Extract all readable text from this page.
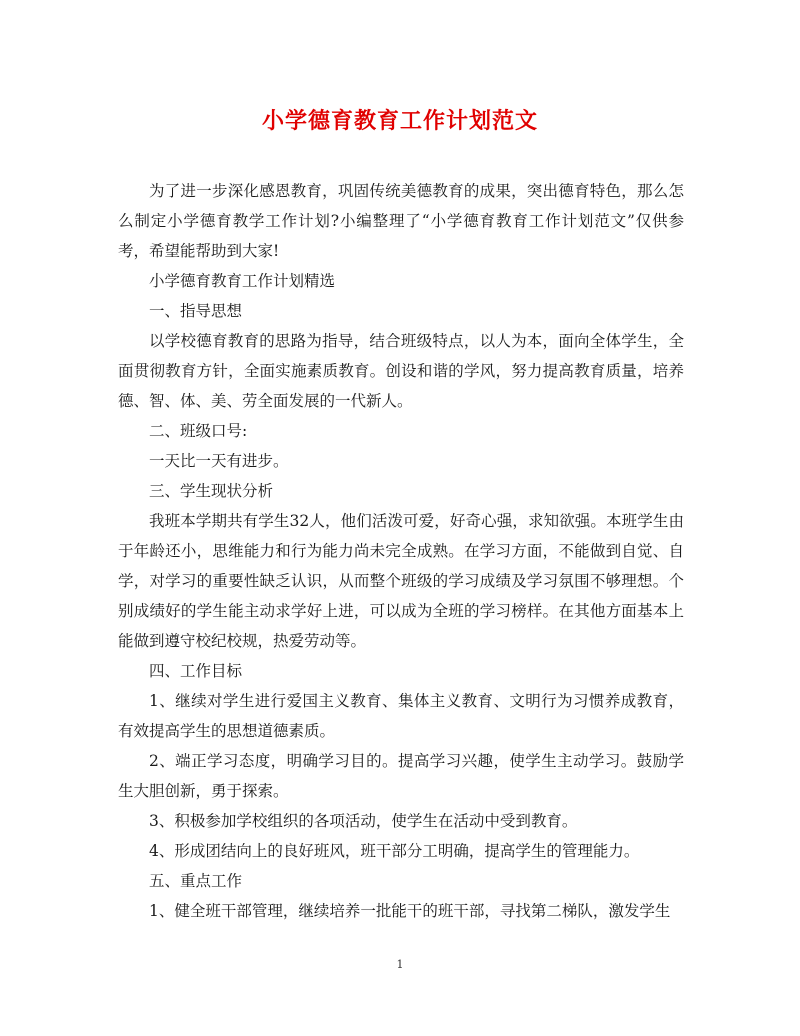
小学德育教育工作计划范文

为了进一步深化感恩教育，巩固传统美德教育的成果，突出德育特色，那么怎么制定小学德育教学工作计划?小编整理了“小学德育教育工作计划范文”仅供参考，希望能帮助到大家!

小学德育教育工作计划精选

一、指导思想

以学校德育教育的思路为指导，结合班级特点，以人为本，面向全体学生，全面贯彻教育方针，全面实施素质教育。创设和谐的学风，努力提高教育质量，培养德、智、体、美、劳全面发展的一代新人。

二、班级口号:

一天比一天有进步。

三、学生现状分析

我班本学期共有学生32人，他们活泼可爱，好奇心强，求知欲强。本班学生由于年龄还小，思维能力和行为能力尚未完全成熟。在学习方面，不能做到自觉、自学，对学习的重要性缺乏认识，从而整个班级的学习成绩及学习氛围不够理想。个别成绩好的学生能主动求学好上进，可以成为全班的学习榜样。在其他方面基本上能做到遵守校纪校规，热爱劳动等。

四、工作目标

1、继续对学生进行爱国主义教育、集体主义教育、文明行为习惯养成教育，有效提高学生的思想道德素质。

2、端正学习态度，明确学习目的。提高学习兴趣，使学生主动学习。鼓励学生大胆创新，勇于探索。

3、积极参加学校组织的各项活动，使学生在活动中受到教育。

4、形成团结向上的良好班风，班干部分工明确，提高学生的管理能力。

五、重点工作

1、健全班干部管理，继续培养一批能干的班干部，寻找第二梯队，激发学生

1
